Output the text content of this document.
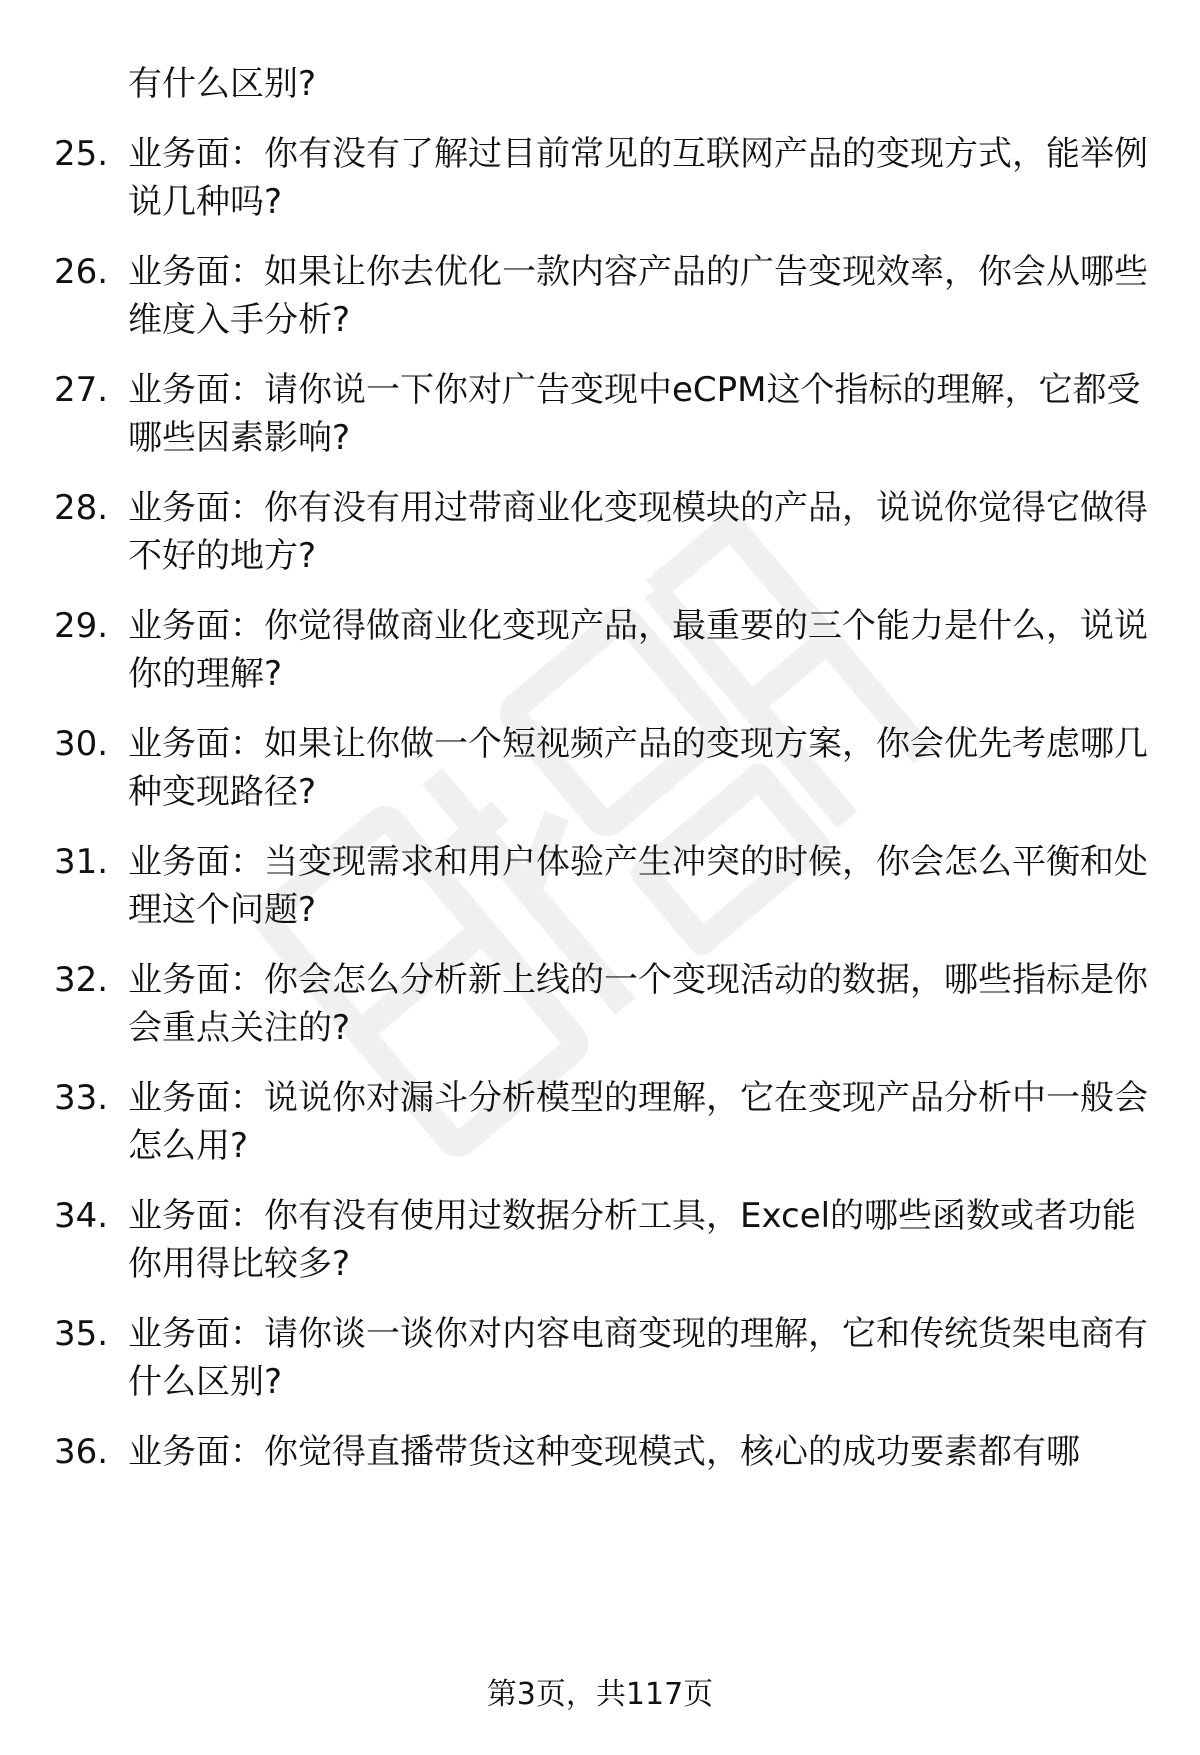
有什么区别?
25. 业务面：你有没有了解过目前常见的互联网产品的变现方式，能举例说几种吗?
26. 业务面：如果让你去优化一款内容产品的广告变现效率，你会从哪些维度入手分析?
27. 业务面：请你说一下你对广告变现中eCPM这个指标的理解，它都受哪些因素影响?
28. 业务面：你有没有用过带商业化变现模块的产品，说说你觉得它做得不好的地方?
29. 业务面：你觉得做商业化变现产品，最重要的三个能力是什么，说说你的理解?
30. 业务面：如果让你做一个短视频产品的变现方案，你会优先考虑哪几种变现路径?
31. 业务面：当变现需求和用户体验产生冲突的时候，你会怎么平衡和处理这个问题?
32. 业务面：你会怎么分析新上线的一个变现活动的数据，哪些指标是你会重点关注的?
33. 业务面：说说你对漏斗分析模型的理解，它在变现产品分析中一般会怎么用?
34. 业务面：你有没有使用过数据分析工具，Excel的哪些函数或者功能你用得比较多?
35. 业务面：请你谈一谈你对内容电商变现的理解，它和传统货架电商有什么区别?
36. 业务面：你觉得直播带货这种变现模式，核心的成功要素都有哪
第3页，共117页
